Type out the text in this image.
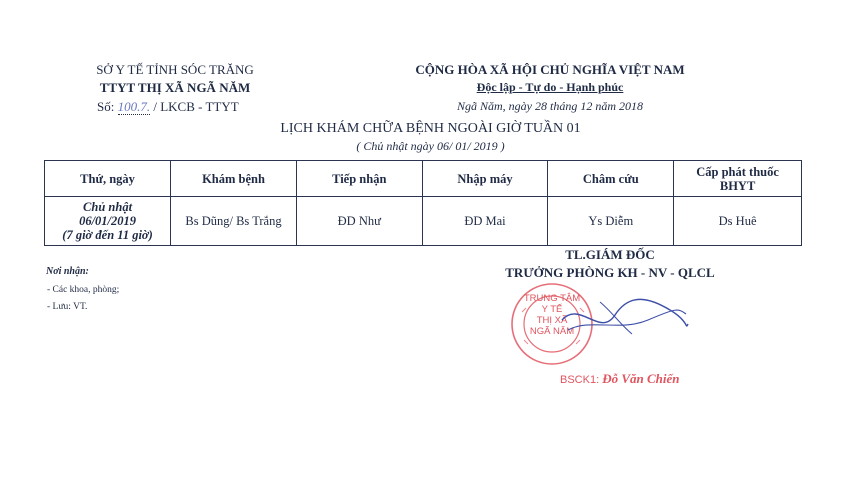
SỞ Y TẾ TỈNH SÓC TRĂNG
TTYT THỊ XÃ NGÃ NĂM
Số: 100.7. / LKCB - TTYT
CỘNG HÒA XÃ HỘI CHỦ NGHĨA VIỆT NAM
Độc lập - Tự do - Hạnh phúc
Ngã Năm, ngày 28 tháng 12 năm 2018
LỊCH KHÁM CHỮA BỆNH NGOÀI GIỜ TUẦN 01
( Chủ nhật ngày 06/ 01/ 2019 )
Thứ, ngày	Khám bệnh	Tiếp nhận	Nhập máy	Châm cứu	Cấp phát thuốc
BHYT

Chủ nhật
06/01/2019
(7 giờ đến 11 giờ)	Bs Dũng/ Bs Trắng	ĐD Như	ĐD Mai	Ys Diễm	Ds Huê
Nơi nhận:
- Các khoa, phòng;
- Lưu: VT.
TL.GIÁM ĐỐC
TRƯỞNG PHÒNG KH - NV - QLCL
TRUNG TÂM
Y TẾ
THỊ XÃ
NGÃ NĂM
BSCK1: Đỗ Văn Chiến
